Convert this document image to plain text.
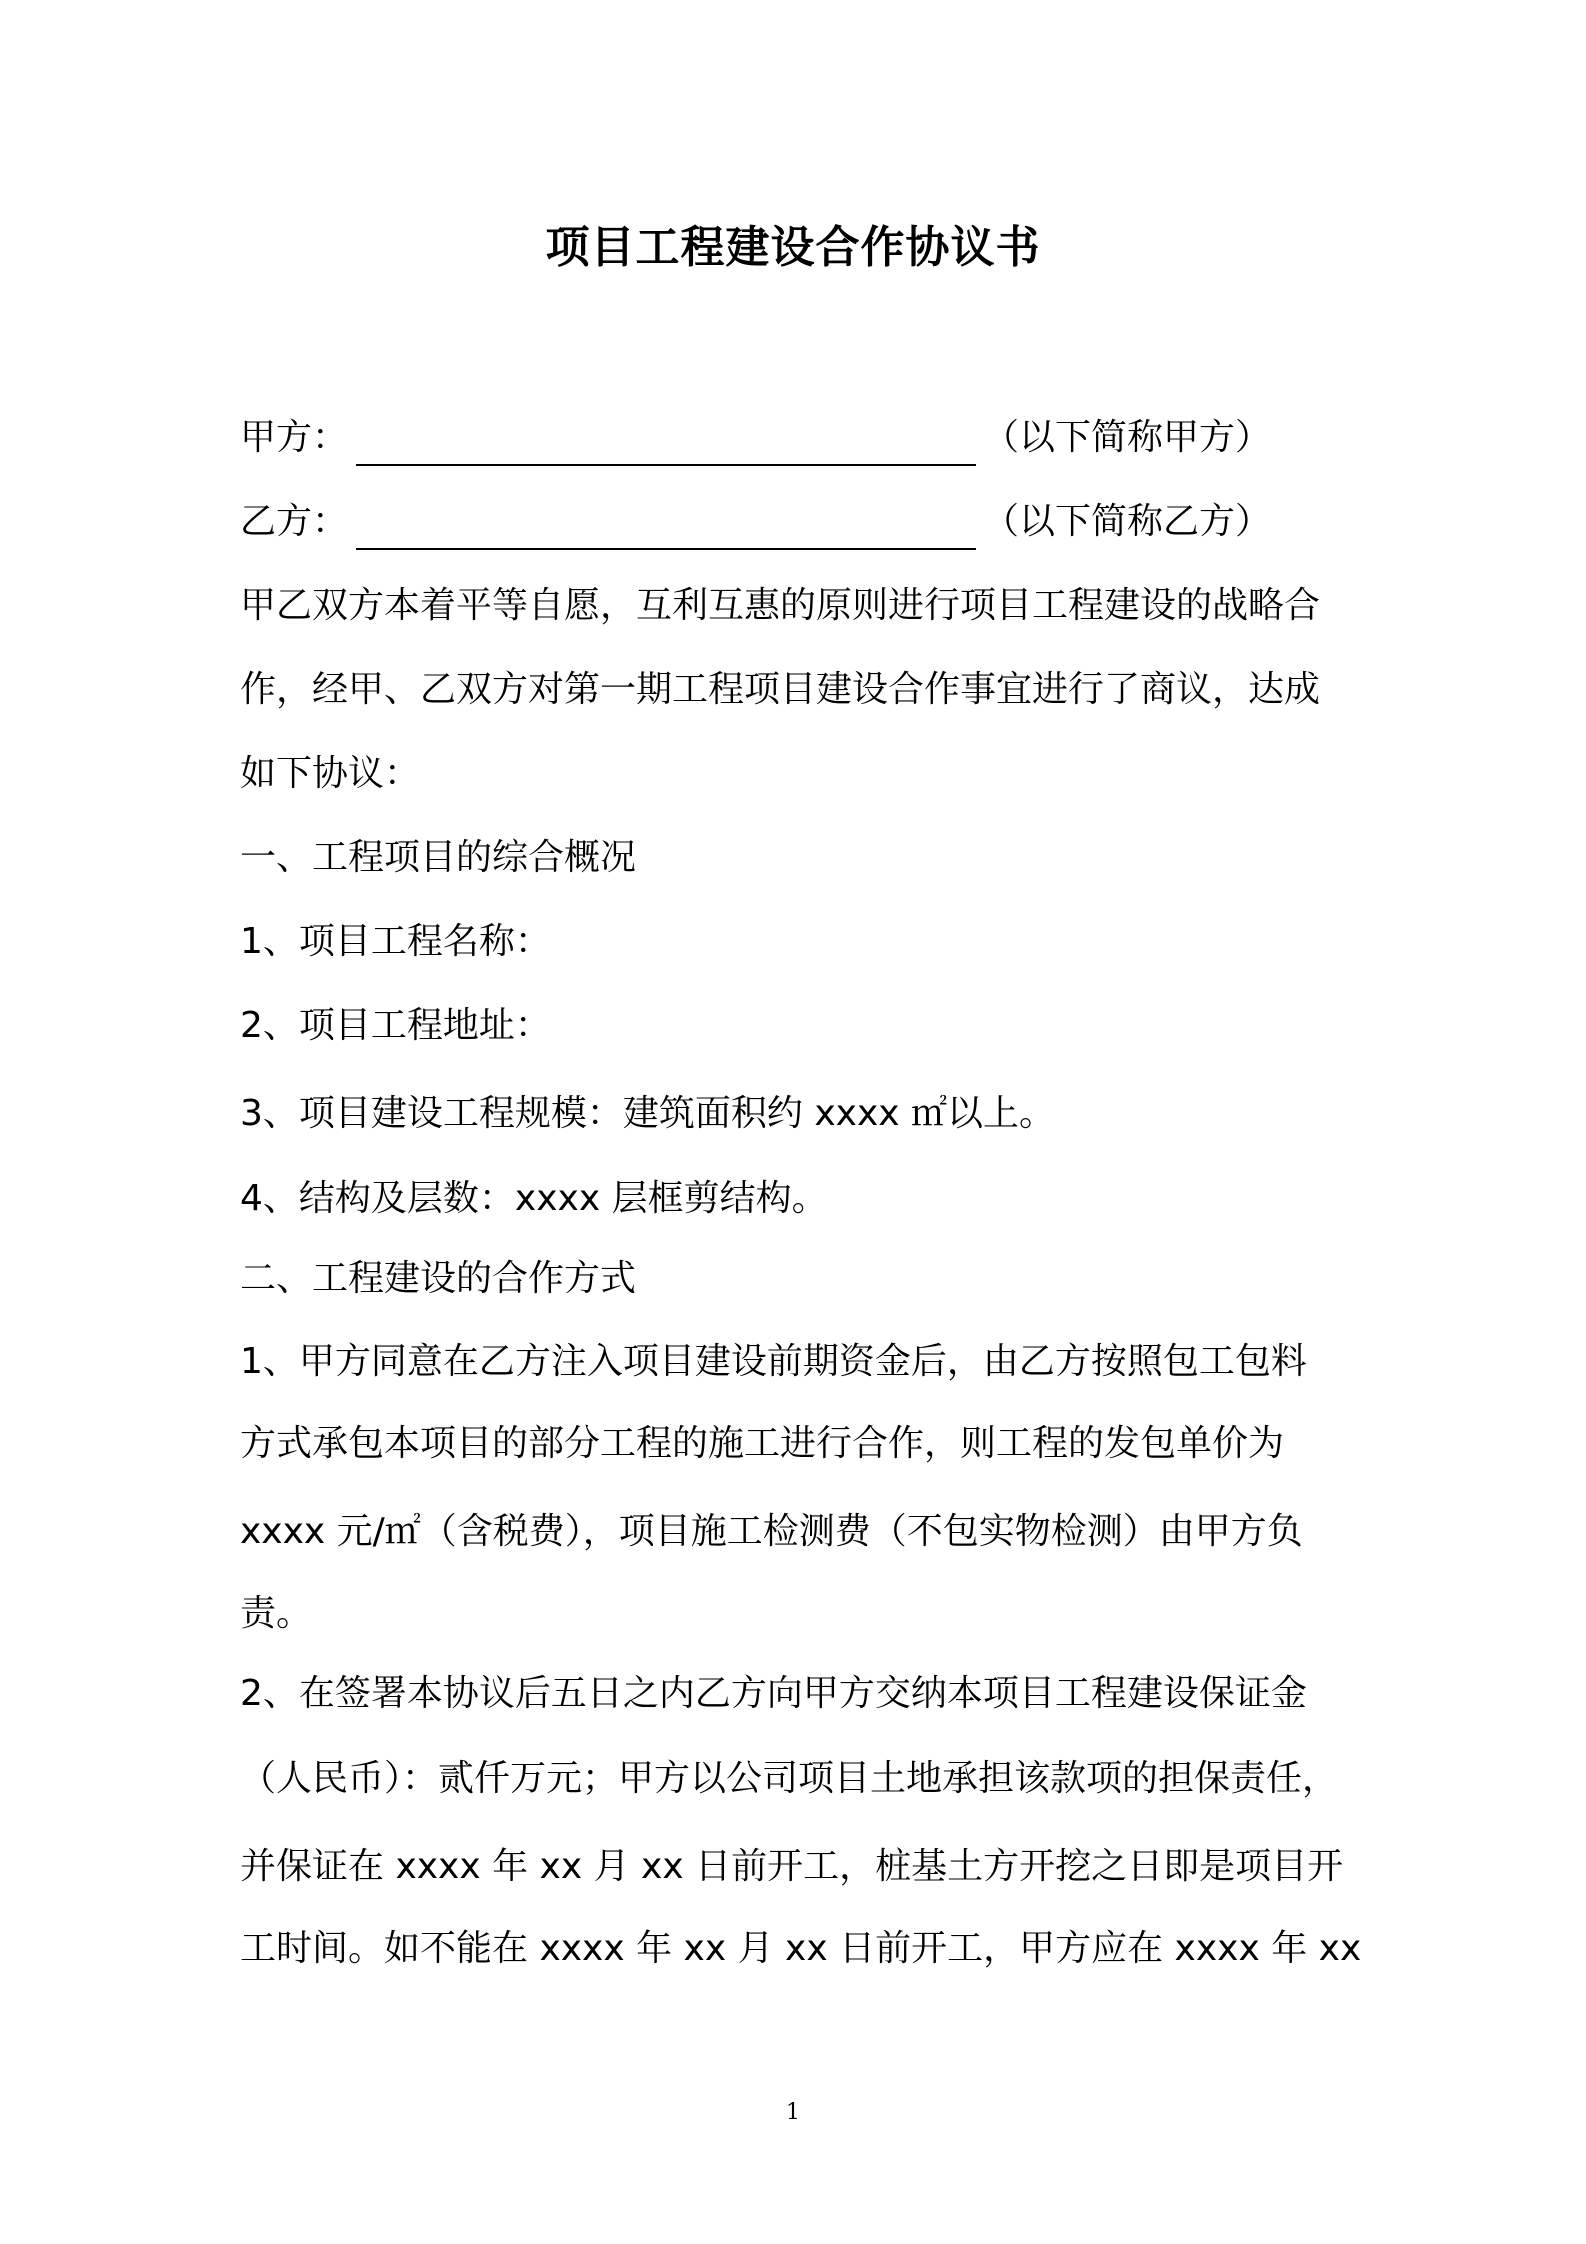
项目工程建设合作协议书
甲方：	（以下简称甲方）
乙方：	（以下简称乙方）
甲乙双方本着平等自愿，互利互惠的原则进行项目工程建设的战略合
作，经甲、乙双方对第一期工程项目建设合作事宜进行了商议，达成
如下协议：
一、工程项目的综合概况
1、项目工程名称：
2、项目工程地址：
3、项目建设工程规模：建筑面积约 xxxx ㎡以上。
4、结构及层数：xxxx 层框剪结构。
二、工程建设的合作方式
1、甲方同意在乙方注入项目建设前期资金后，由乙方按照包工包料
方式承包本项目的部分工程的施工进行合作，则工程的发包单价为
xxxx 元/㎡（含税费），项目施工检测费（不包实物检测）由甲方负
责。
2、在签署本协议后五日之内乙方向甲方交纳本项目工程建设保证金
（人民币）：贰仟万元；甲方以公司项目土地承担该款项的担保责任，
并保证在 xxxx 年 xx 月 xx 日前开工，桩基土方开挖之日即是项目开
工时间。如不能在 xxxx 年 xx 月 xx 日前开工，甲方应在 xxxx 年 xx
1
